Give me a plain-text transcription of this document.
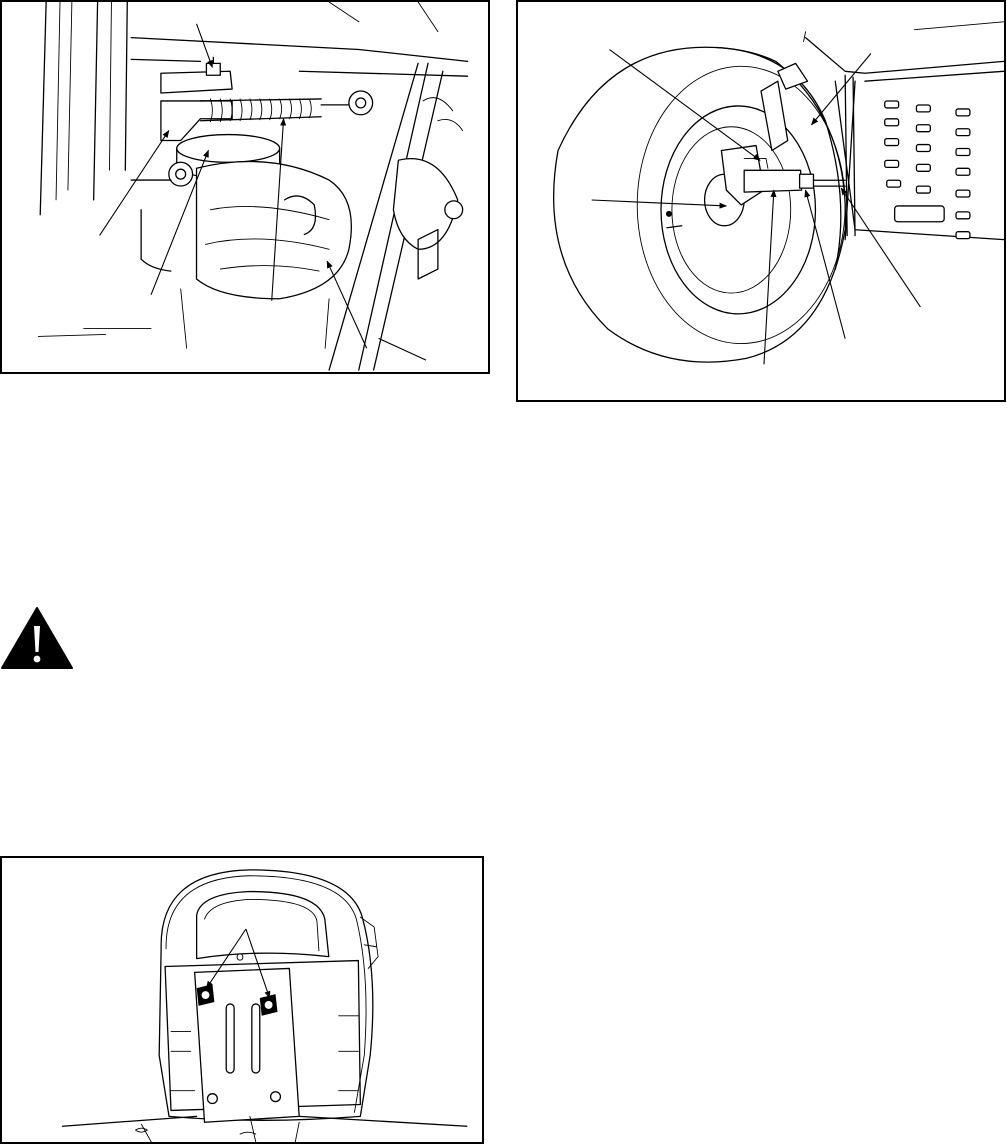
O
